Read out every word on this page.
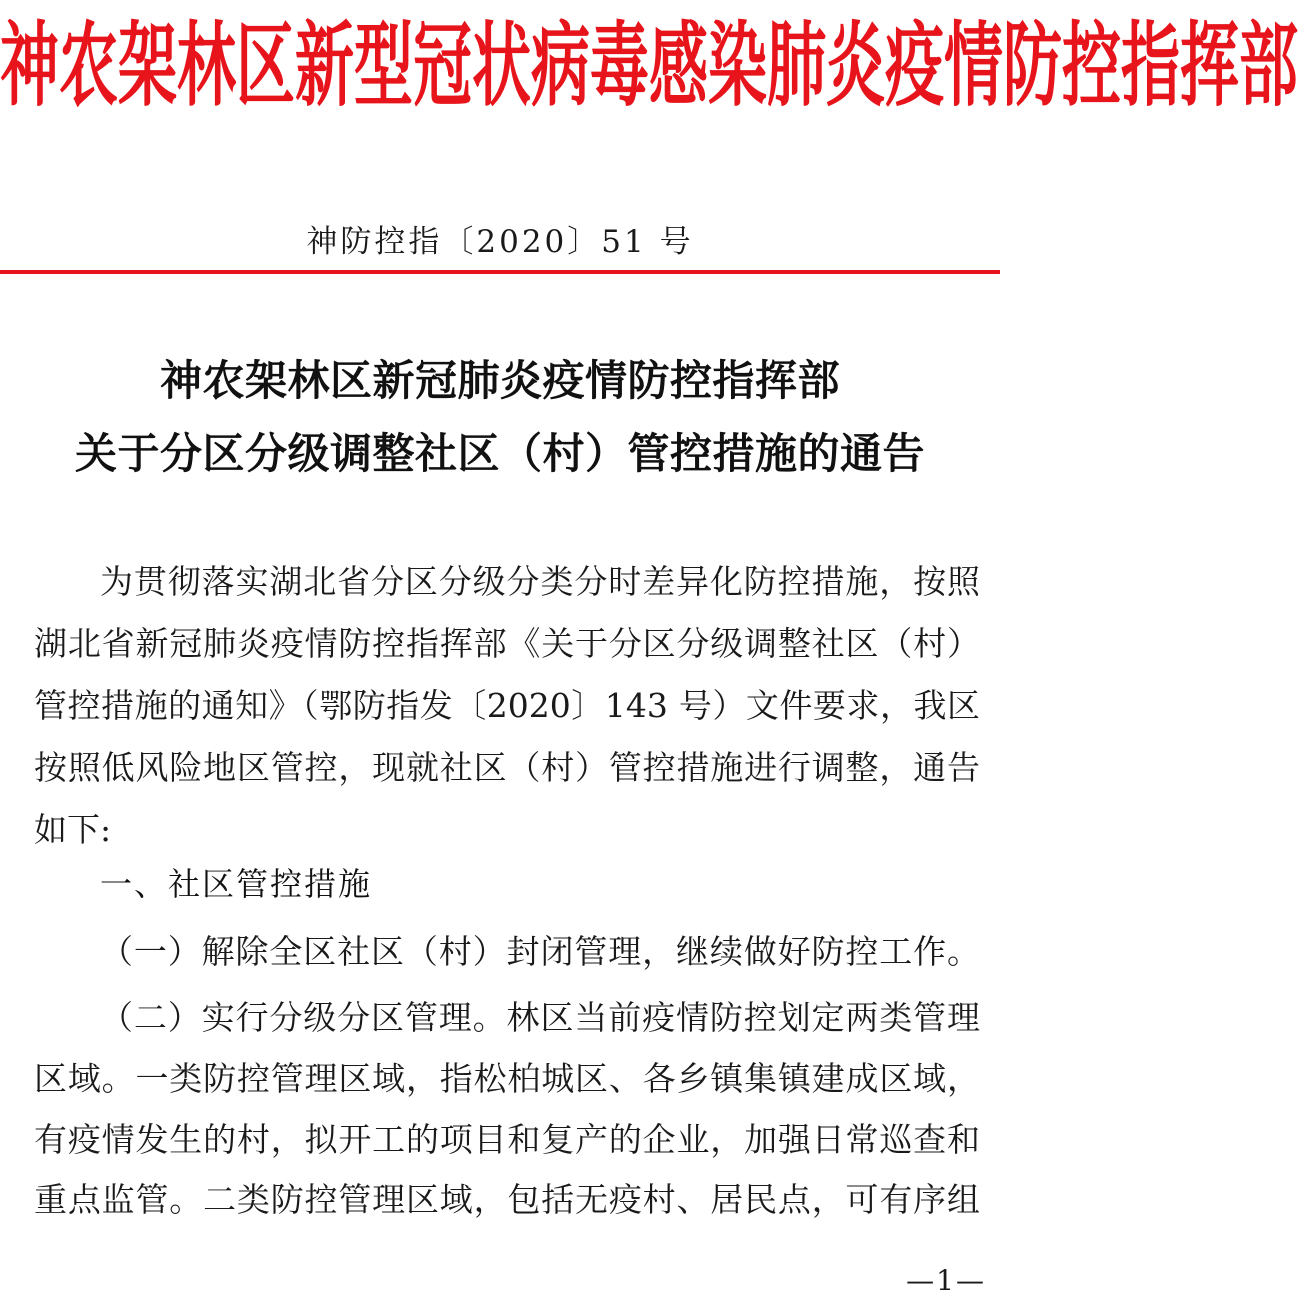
神农架林区新型冠状病毒感染肺炎疫情防控指挥部
神防控指〔2020〕51 号
神农架林区新冠肺炎疫情防控指挥部
关于分区分级调整社区（村）管控措施的通告
为贯彻落实湖北省分区分级分类分时差异化防控措施，按照
湖北省新冠肺炎疫情防控指挥部《关于分区分级调整社区（村）
管控措施的通知》（鄂防指发〔2020〕143 号）文件要求，我区
按照低风险地区管控，现就社区（村）管控措施进行调整，通告
如下:
一、社区管控措施
（一）解除全区社区（村）封闭管理，继续做好防控工作。
（二）实行分级分区管理。林区当前疫情防控划定两类管理
区域。一类防控管理区域，指松柏城区、各乡镇集镇建成区域，
有疫情发生的村，拟开工的项目和复产的企业，加强日常巡查和
重点监管。二类防控管理区域，包括无疫村、居民点，可有序组
—1—
